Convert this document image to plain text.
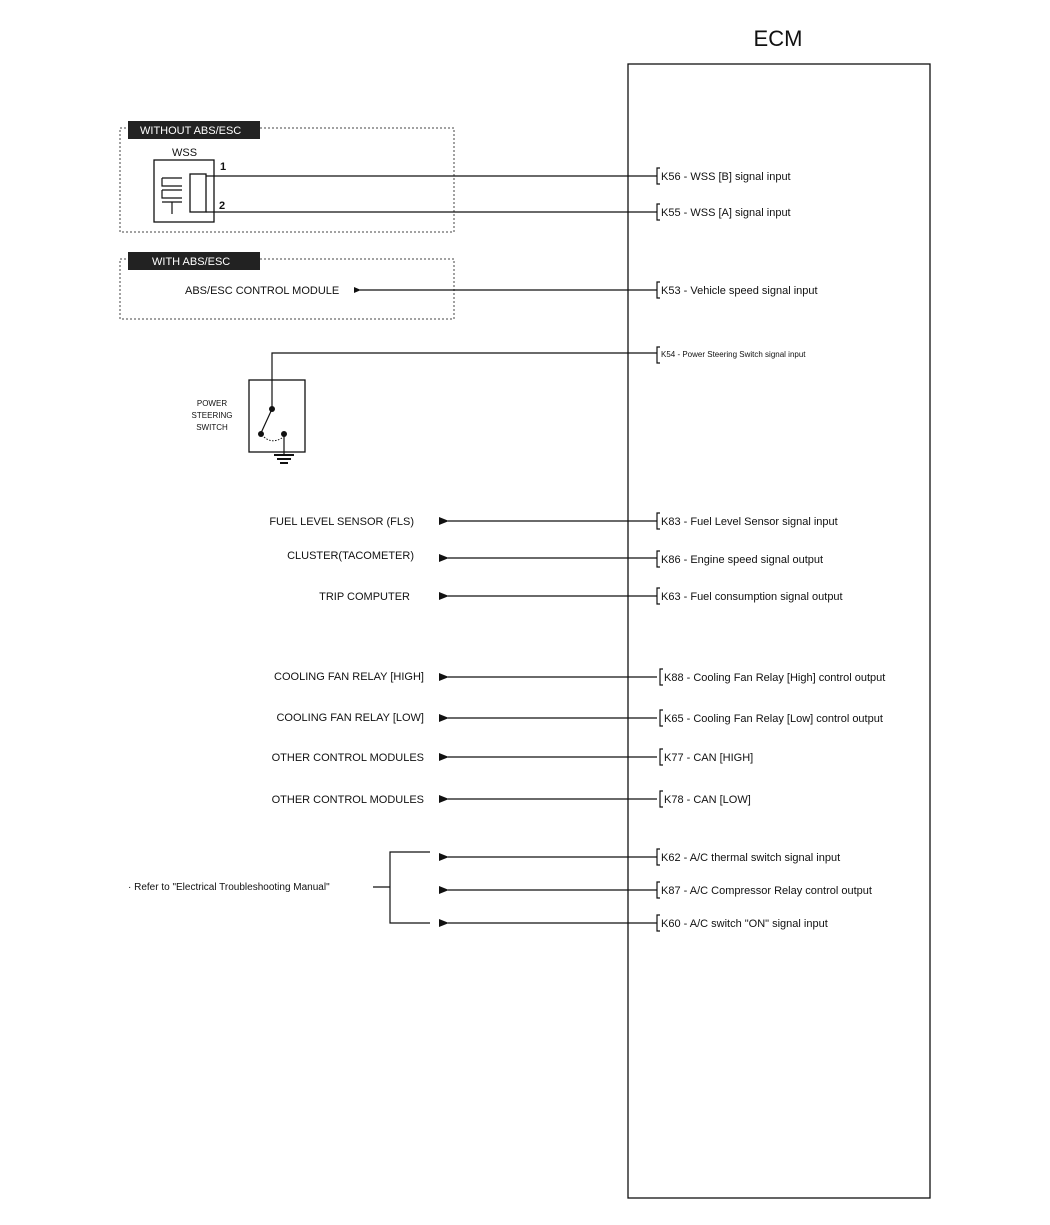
ECM
WITHOUT ABS/ESC
WSS
1
2
WITH ABS/ESC
ABS/ESC CONTROL MODULE
POWER
STEERING
SWITCH
FUEL LEVEL SENSOR (FLS)
CLUSTER(TACOMETER)
TRIP COMPUTER
COOLING FAN RELAY [HIGH]
COOLING FAN RELAY [LOW]
OTHER CONTROL MODULES
OTHER CONTROL MODULES
· Refer to "Electrical Troubleshooting Manual"
K56 - WSS [B] signal input
K55 - WSS [A] signal input
K53 - Vehicle speed signal input
K54 - Power Steering Switch signal input
K83 - Fuel Level Sensor signal input
K86 - Engine speed signal output
K63 - Fuel consumption signal output
K88 - Cooling Fan Relay [High] control output
K65 - Cooling Fan Relay [Low] control output
K77 - CAN [HIGH]
K78 - CAN [LOW]
K62 - A/C thermal switch signal input
K87 - A/C Compressor Relay control output
K60 - A/C switch "ON" signal input
